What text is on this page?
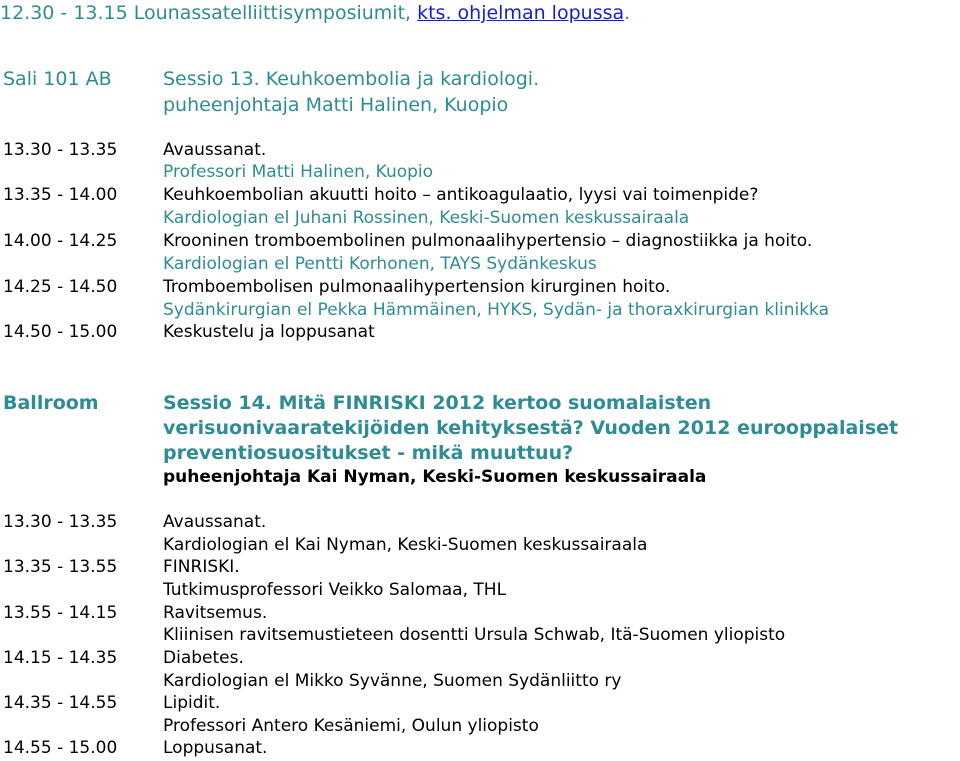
12.30 - 13.15 Lounassatelliittisymposiumit, kts. ohjelman lopussa.
Sali 101 AB	Sessio 13. Keuhkoembolia ja kardiologi.
puheenjohtaja Matti Halinen, Kuopio
13.30 - 13.35	Avaussanat.
Professori Matti Halinen, Kuopio
13.35 - 14.00	Keuhkoembolian akuutti hoito – antikoagulaatio, lyysi vai toimenpide?
Kardiologian el Juhani Rossinen, Keski-Suomen keskussairaala
14.00 - 14.25	Krooninen tromboembolinen pulmonaalihypertensio – diagnostiikka ja hoito.
Kardiologian el Pentti Korhonen, TAYS Sydänkeskus
14.25 - 14.50	Tromboembolisen pulmonaalihypertension kirurginen hoito.
Sydänkirurgian el Pekka Hämmäinen, HYKS, Sydän- ja thoraxkirurgian klinikka
14.50 - 15.00	Keskustelu ja loppusanat
Ballroom	Sessio 14. Mitä FINRISKI 2012 kertoo suomalaisten
verisuonivaaratekijöiden kehityksestä? Vuoden 2012 eurooppalaiset
preventiosuositukset - mikä muuttuu?
puheenjohtaja Kai Nyman, Keski-Suomen keskussairaala
13.30 - 13.35	Avaussanat.
Kardiologian el Kai Nyman, Keski-Suomen keskussairaala
13.35 - 13.55	FINRISKI.
Tutkimusprofessori Veikko Salomaa, THL
13.55 - 14.15	Ravitsemus.
Kliinisen ravitsemustieteen dosentti Ursula Schwab, Itä-Suomen yliopisto
14.15 - 14.35	Diabetes.
Kardiologian el Mikko Syvänne, Suomen Sydänliitto ry
14.35 - 14.55	Lipidit.
Professori Antero Kesäniemi, Oulun yliopisto
14.55 - 15.00	Loppusanat.
